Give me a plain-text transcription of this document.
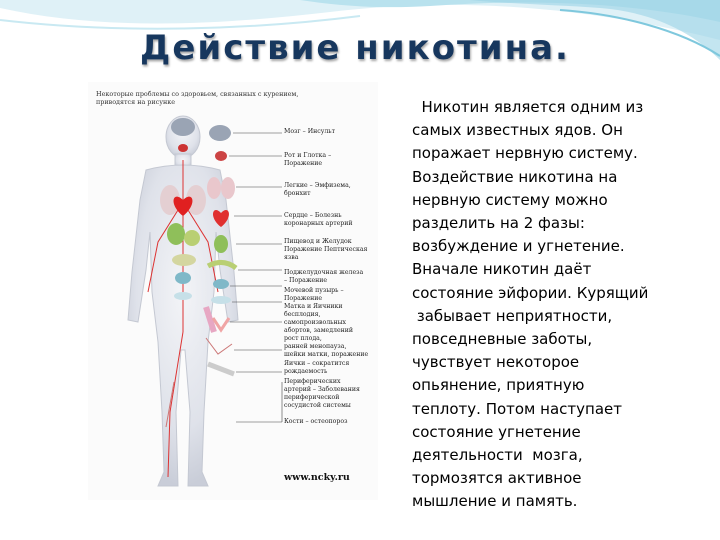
Действие никотина.
Некоторые проблемы со здоровьем, связанных с курением, приводятся на рисунке
Мозг – Инсульт
Рот и Глотка –
Поражение
Легкие – Эмфизема,
бронхит
Сердце – Болезнь
коронарных артерий
Пищевод и Желудок
Поражение Пептическая
язва
Поджелудочная железа
– Поражение
Мочевой пузырь –
Поражение
Матка и Яичники
бесплодия,
самопроизвольных
абортов, замедлений
рост плода,
ранней менопауза,
шейки матки, поражение
Яички – сократится
рождаемость
Периферических
артерий – Заболевания
периферической
сосудистой системы
Кости – остеопороз
www.ncky.ru
Никотин является одним из
самых известных ядов. Он
поражает нервную систему.
Воздействие никотина на
нервную систему можно
разделить на 2 фазы:
возбуждение и угнетение.
Вначале никотин даёт
состояние эйфории. Курящий
забывает неприятности,
повседневные заботы,
чувствует некоторое
опьянение, приятную
теплоту. Потом наступает
состояние угнетение
деятельности  мозга,
тормозятся активное
мышление и память.
